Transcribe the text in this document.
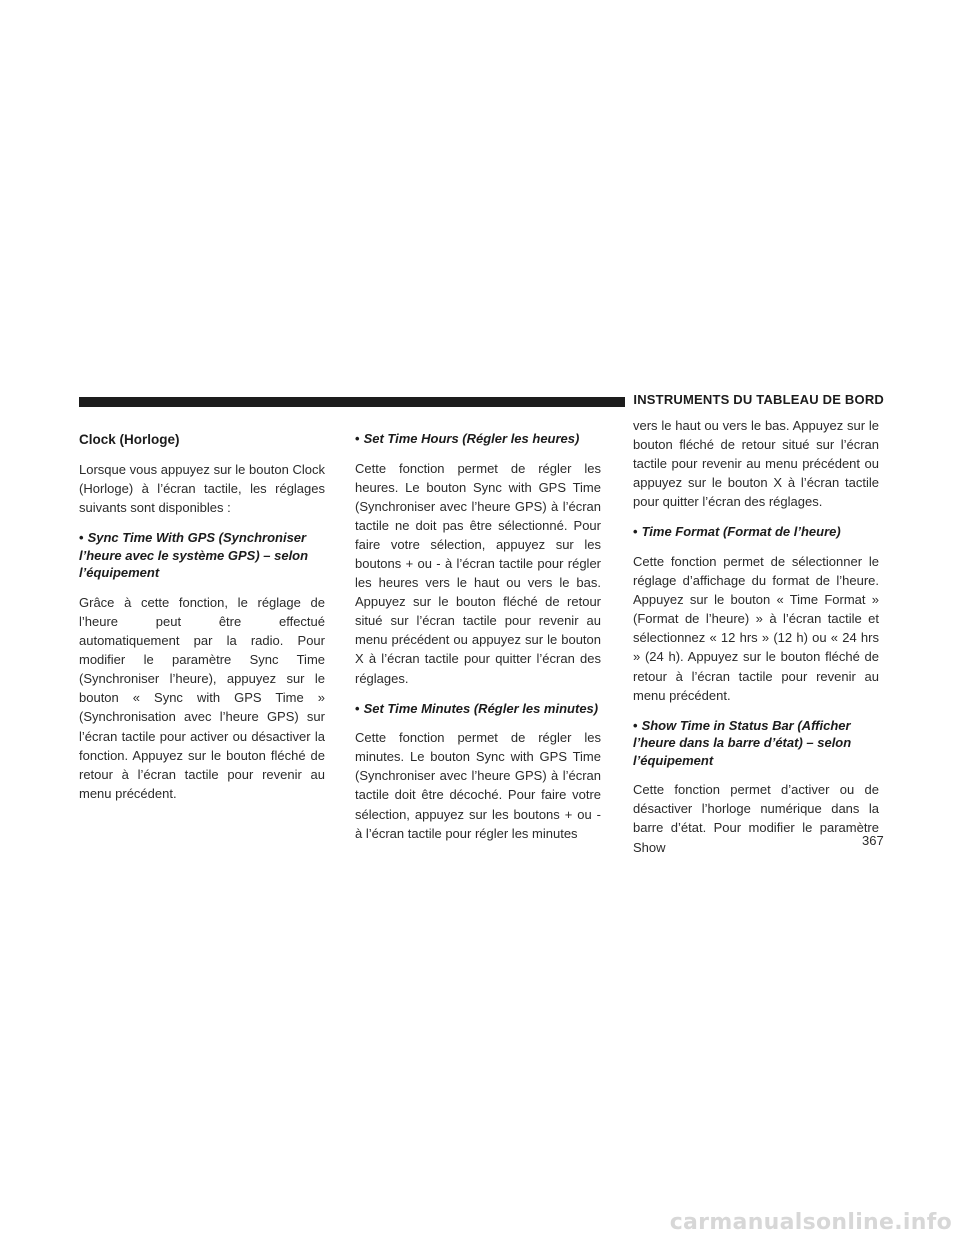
INSTRUMENTS DU TABLEAU DE BORD
Clock (Horloge)

Lorsque vous appuyez sur le bouton Clock (Horloge) à l’écran tactile, les réglages suivants sont disponibles :

• Sync Time With GPS (Synchroniser l’heure avec le système GPS) – selon l’équipement

Grâce à cette fonction, le réglage de l’heure peut être effectué automatiquement par la radio. Pour modifier le paramètre Sync Time (Synchroniser l’heure), appuyez sur le bouton « Sync with GPS Time » (Synchronisation avec l’heure GPS) sur l’écran tactile pour activer ou désactiver la fonction. Appuyez sur le bouton fléché de retour à l’écran tactile pour revenir au menu précédent.

• Set Time Hours (Régler les heures)

Cette fonction permet de régler les heures. Le bouton Sync with GPS Time (Synchroniser avec l’heure GPS) à l’écran tactile ne doit pas être sélectionné. Pour faire votre sélection, appuyez sur les boutons + ou - à l’écran tactile pour régler les heures vers le haut ou vers le bas. Appuyez sur le bouton fléché de retour situé sur l’écran tactile pour revenir au menu précédent ou appuyez sur le bouton X à l’écran tactile pour quitter l’écran des réglages.

• Set Time Minutes (Régler les minutes)

Cette fonction permet de régler les minutes. Le bouton Sync with GPS Time (Synchroniser avec l’heure GPS) à l’écran tactile doit être décoché. Pour faire votre sélection, appuyez sur les boutons + ou - à l’écran tactile pour régler les minutes

vers le haut ou vers le bas. Appuyez sur le bouton fléché de retour situé sur l’écran tactile pour revenir au menu précédent ou appuyez sur le bouton X à l’écran tactile pour quitter l’écran des réglages.

• Time Format (Format de l’heure)

Cette fonction permet de sélectionner le réglage d’affichage du format de l’heure. Appuyez sur le bouton « Time Format » (Format de l’heure) » à l’écran tactile et sélectionnez « 12 hrs » (12 h) ou « 24 hrs » (24 h). Appuyez sur le bouton fléché de retour à l’écran tactile pour revenir au menu précédent.

• Show Time in Status Bar (Afficher l’heure dans la barre d’état) – selon l’équipement

Cette fonction permet d’activer ou de désactiver l’horloge numérique dans la barre d’état. Pour modifier le paramètre Show	367
carmanualsonline.info
